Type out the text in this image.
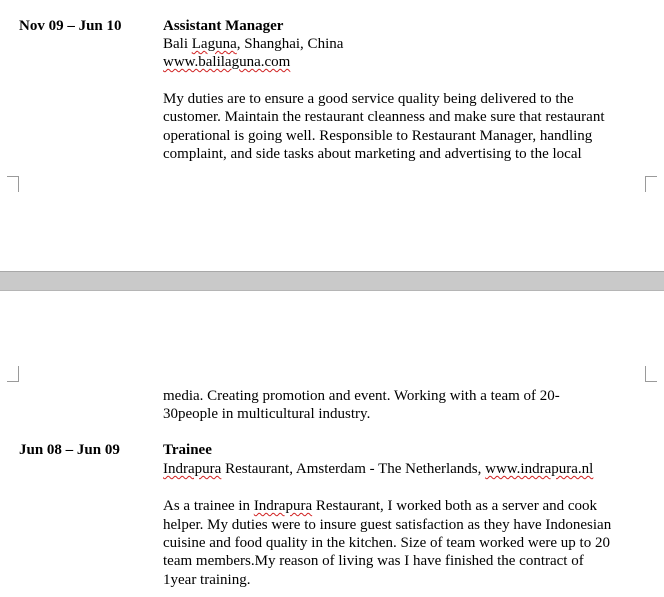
Nov 09 – Jun 10	Assistant Manager
Bali Laguna, Shanghai, China
www.balilaguna.com
My duties are to ensure a good service quality being delivered to the
customer. Maintain the restaurant cleanness and make sure that restaurant
operational is going well. Responsible to Restaurant Manager, handling
complaint, and side tasks about marketing and advertising to the local
media. Creating promotion and event. Working with a team of 20-
30people in multicultural industry.
Jun 08 – Jun 09	Trainee
Indrapura Restaurant, Amsterdam - The Netherlands, www.indrapura.nl
As a trainee in Indrapura Restaurant, I worked both as a server and cook
helper. My duties were to insure guest satisfaction as they have Indonesian
cuisine and food quality in the kitchen. Size of team worked were up to 20
team members.My reason of living was I have finished the contract of
1year training.
